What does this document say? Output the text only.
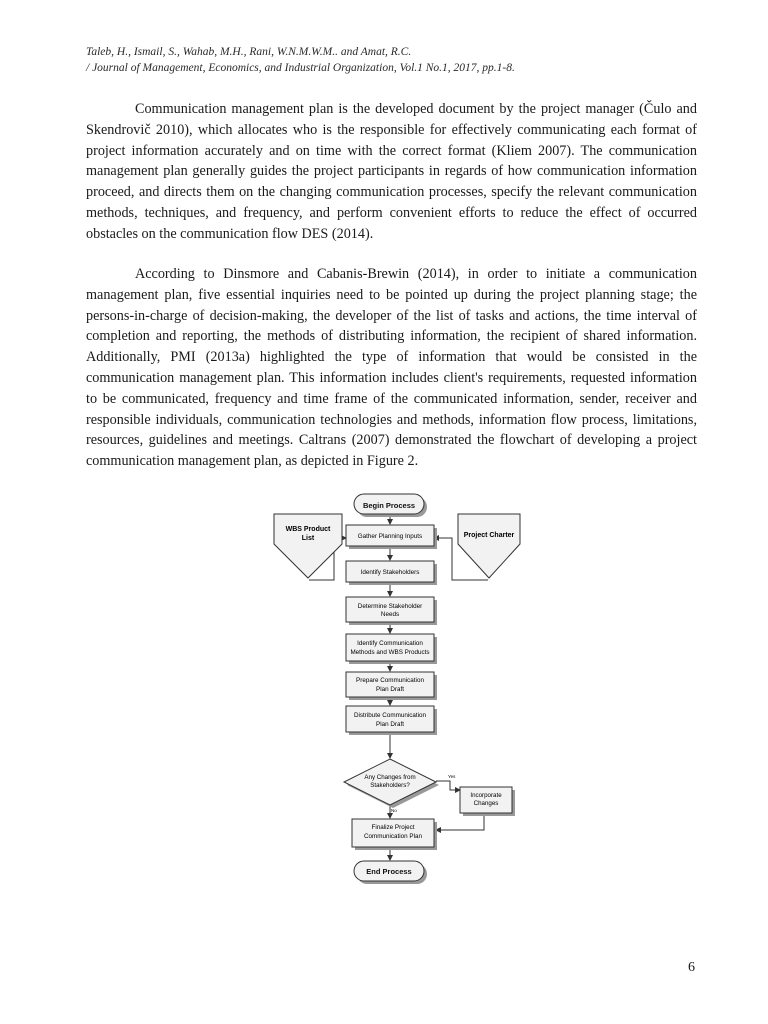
Taleb, H., Ismail, S., Wahab, M.H., Rani, W.N.M.W.M.. and Amat, R.C.
/ Journal of Management, Economics, and Industrial Organization, Vol.1 No.1, 2017, pp.1-8.

Communication management plan is the developed document by the project manager (Čulo and Skendrovič 2010), which allocates who is the responsible for effectively communicating each format of project information accurately and on time with the correct format (Kliem 2007). The communication management plan generally guides the project participants in regards of how communication information proceed, and directs them on the changing communication processes, specify the relevant communication methods, techniques, and frequency, and perform convenient efforts to reduce the effect of occurred obstacles on the communication flow DES (2014).

According to Dinsmore and Cabanis-Brewin (2014), in order to initiate a communication management plan, five essential inquiries need to be pointed up during the project planning stage; the persons-in-charge of decision-making, the developer of the list of tasks and actions, the time interval of completion and reporting, the methods of distributing information, the recipient of shared information. Additionally, PMI (2013a) highlighted the type of information that would be consisted in the communication management plan. This information includes client's requirements, requested information to be communicated, frequency and time frame of the communicated information, sender, receiver and responsible individuals, communication technologies and methods, information flow process, limitations, resources, guidelines and meetings. Caltrans (2007) demonstrated the flowchart of developing a project communication management plan, as depicted in Figure 2.

Begin Process
WBS Product
List	Project Charter
Gather Planning Inputs
Identify Stakeholders
Determine Stakeholder
Needs
Identify Communication
Methods and WBS Products
Prepare Communication
Plan Draft
Distribute Communication
Plan Draft
Any Changes from
Stakeholders?
Yes
No
Incorporate
Changes
Finalize Project
Communication Plan
End Process
6
